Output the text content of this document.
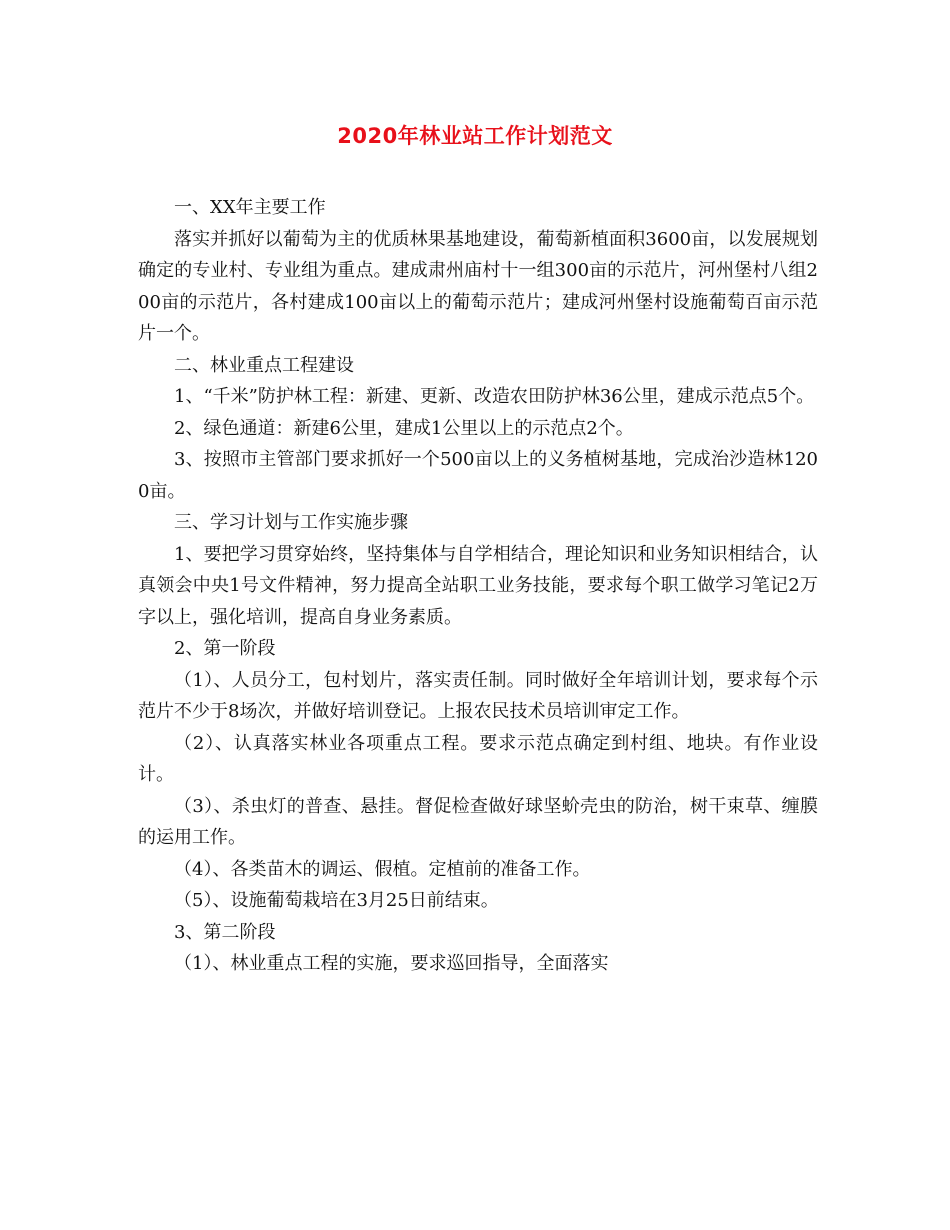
2020年林业站工作计划范文

一、XX年主要工作

落实并抓好以葡萄为主的优质林果基地建设，葡萄新植面积3600亩，以发展规划确定的专业村、专业组为重点。建成肃州庙村十一组300亩的示范片，河州堡村八组200亩的示范片，各村建成100亩以上的葡萄示范片；建成河州堡村设施葡萄百亩示范片一个。

二、林业重点工程建设

1、“千米”防护林工程：新建、更新、改造农田防护林36公里，建成示范点5个。

2、绿色通道：新建6公里，建成1公里以上的示范点2个。

3、按照市主管部门要求抓好一个500亩以上的义务植树基地，完成治沙造林1200亩。

三、学习计划与工作实施步骤

1、要把学习贯穿始终，坚持集体与自学相结合，理论知识和业务知识相结合，认真领会中央1号文件精神，努力提高全站职工业务技能，要求每个职工做学习笔记2万字以上，强化培训，提高自身业务素质。

2、第一阶段

（1）、人员分工，包村划片，落实责任制。同时做好全年培训计划，要求每个示范片不少于8场次，并做好培训登记。上报农民技术员培训审定工作。

（2）、认真落实林业各项重点工程。要求示范点确定到村组、地块。有作业设计。

（3）、杀虫灯的普查、悬挂。督促检查做好球坚蚧壳虫的防治，树干束草、缠膜的运用工作。

（4）、各类苗木的调运、假植。定植前的准备工作。

（5）、设施葡萄栽培在3月25日前结束。

3、第二阶段

（1）、林业重点工程的实施，要求巡回指导，全面落实
